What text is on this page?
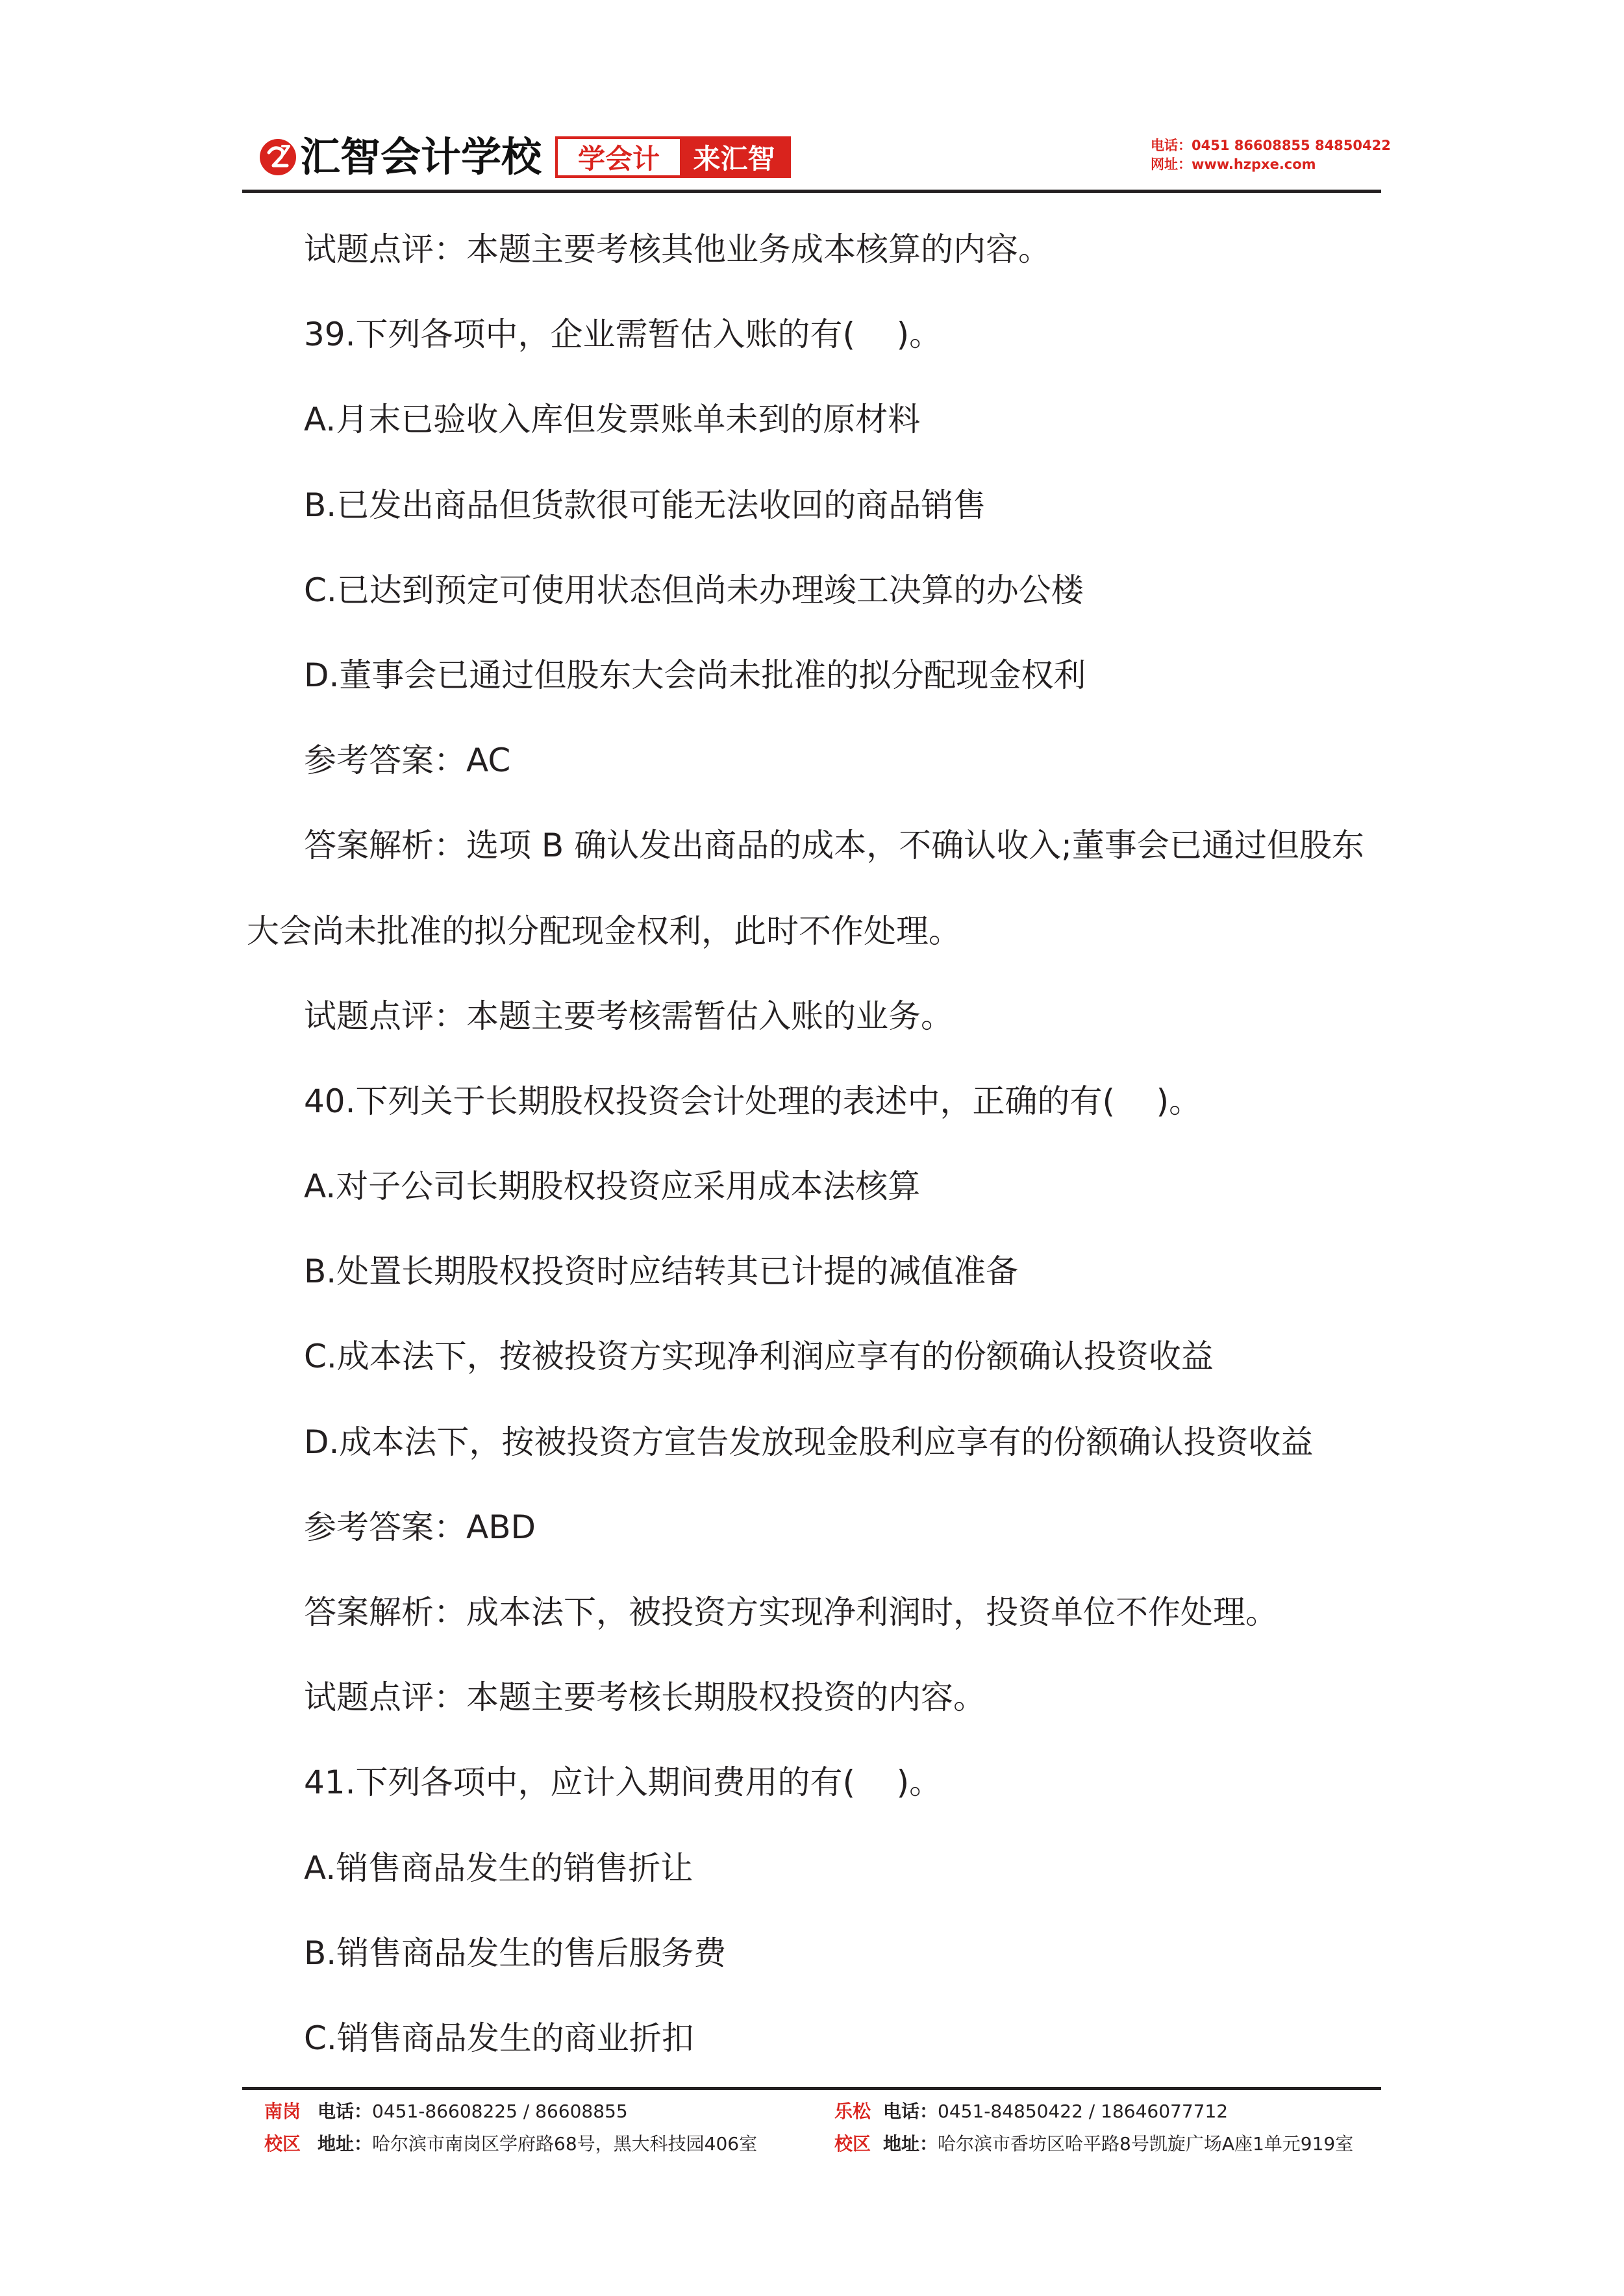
汇智会计学校	学会计	来汇智	电话：0451 86608855 84850422
网址：www.hzpxe.com
试题点评：本题主要考核其他业务成本核算的内容。
39.下列各项中，企业需暂估入账的有(    )。
A.月末已验收入库但发票账单未到的原材料
B.已发出商品但货款很可能无法收回的商品销售
C.已达到预定可使用状态但尚未办理竣工决算的办公楼
D.董事会已通过但股东大会尚未批准的拟分配现金权利
参考答案：AC
答案解析：选项 B 确认发出商品的成本，不确认收入;董事会已通过但股东
大会尚未批准的拟分配现金权利，此时不作处理。
试题点评：本题主要考核需暂估入账的业务。
40.下列关于长期股权投资会计处理的表述中，正确的有(    )。
A.对子公司长期股权投资应采用成本法核算
B.处置长期股权投资时应结转其已计提的减值准备
C.成本法下，按被投资方实现净利润应享有的份额确认投资收益
D.成本法下，按被投资方宣告发放现金股利应享有的份额确认投资收益
参考答案：ABD
答案解析：成本法下，被投资方实现净利润时，投资单位不作处理。
试题点评：本题主要考核长期股权投资的内容。
41.下列各项中，应计入期间费用的有(    )。
A.销售商品发生的销售折让
B.销售商品发生的售后服务费
C.销售商品发生的商业折扣
南岗 电话：0451-86608225 / 86608855
校区 地址：哈尔滨市南岗区学府路68号，黑大科技园406室
乐松 电话：0451-84850422 / 18646077712
校区 地址：哈尔滨市香坊区哈平路8号凯旋广场A座1单元919室
